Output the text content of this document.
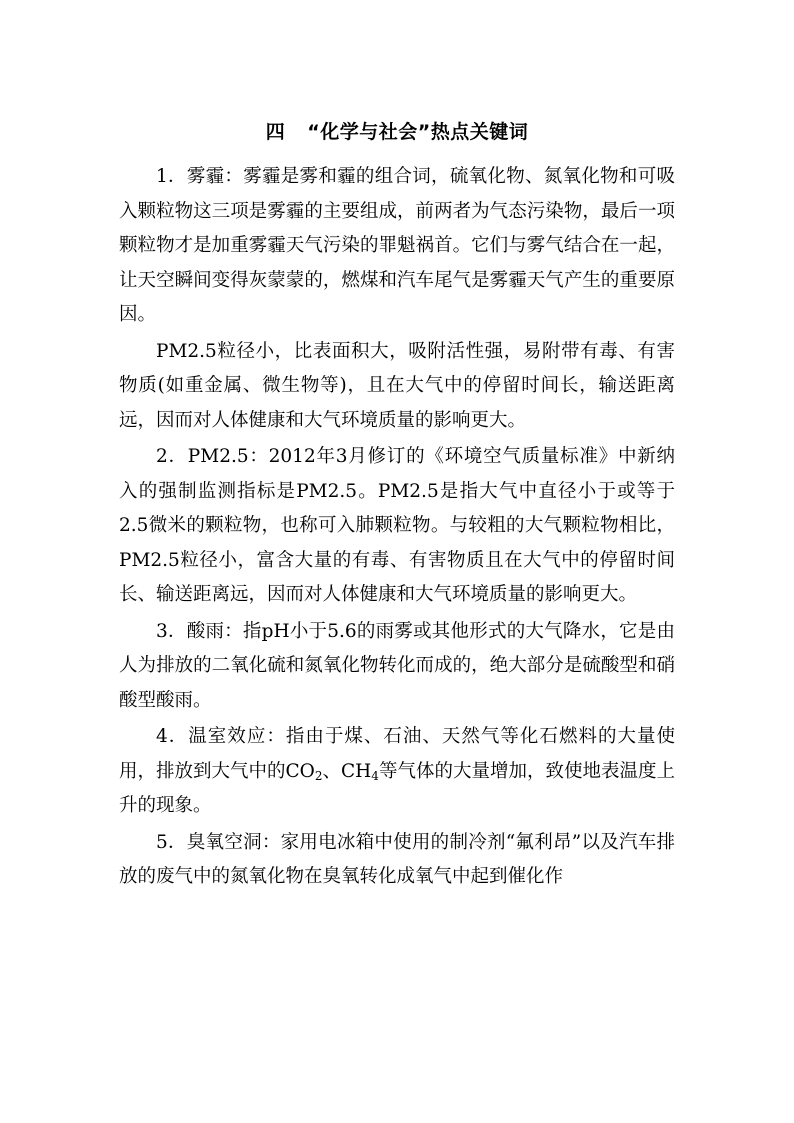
四 “化学与社会”热点关键词

1．雾霾：雾霾是雾和霾的组合词，硫氧化物、氮氧化物和可吸入颗粒物这三项是雾霾的主要组成，前两者为气态污染物，最后一项颗粒物才是加重雾霾天气污染的罪魁祸首。它们与雾气结合在一起，让天空瞬间变得灰蒙蒙的，燃煤和汽车尾气是雾霾天气产生的重要原因。

PM2.5粒径小，比表面积大，吸附活性强，易附带有毒、有害物质(如重金属、微生物等)，且在大气中的停留时间长，输送距离远，因而对人体健康和大气环境质量的影响更大。

2．PM2.5：2012年3月修订的《环境空气质量标准》中新纳入的强制监测指标是PM2.5。PM2.5是指大气中直径小于或等于2.5微米的颗粒物，也称可入肺颗粒物。与较粗的大气颗粒物相比，PM2.5粒径小，富含大量的有毒、有害物质且在大气中的停留时间长、输送距离远，因而对人体健康和大气环境质量的影响更大。

3．酸雨：指pH小于5.6的雨雾或其他形式的大气降水，它是由人为排放的二氧化硫和氮氧化物转化而成的，绝大部分是硫酸型和硝酸型酸雨。

4．温室效应：指由于煤、石油、天然气等化石燃料的大量使用，排放到大气中的$CO_2$、$CH_4$等气体的大量增加，致使地表温度上升的现象。

5．臭氧空洞：家用电冰箱中使用的制冷剂“氟利昂”以及汽车排放的废气中的氮氧化物在臭氧转化成氧气中起到催化作
